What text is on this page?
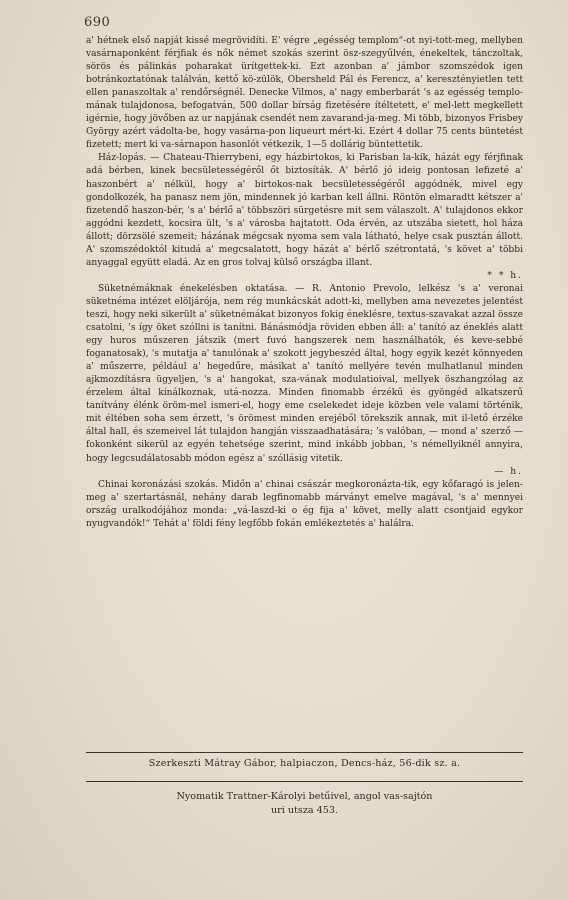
690

a' hétnek első napját kissé megrövidíti. E' végre „egésség templom“-ot nyi-tott-meg, mellyben vasárnaponként férjfiak és nők német szokás szerint ösz-szegyűlvén, énekeltek, tánczoltak, sörös és pálinkás poharakat ürítgettek-ki. Ezt azonban a' jámbor szomszédok igen botránkoztatónak találván, kettő kö-zülök, Obersheld Pál és Ferencz, a' keresztényietlen tett ellen panaszoltak a' rendőrségnél. Denecke Vilmos, a' nagy emberbarát 's az egésség templo-mának tulajdonosa, befogatván, 500 dollar bírság fizetésére ítéltetett, e' mel-lett megkellett igérnie, hogy jövőben az ur napjának csendét nem zavarand-ja-meg. Mi több, bizonyos Frisbey György azért vádolta-be, hogy vasárna-pon liqueurt mért-ki. Ezért 4 dollar 75 cents büntetést fizetett; mert ki va-sárnapon hasonlót vétkezik, 1—5 dollárig büntettetik.

Ház-lopás. — Chateau-Thierrybeni, egy házbirtokos, ki Parisban la-kik, házát egy férjfinak adá bérben, kinek becsületességéről őt biztosíták. A' bérlő jó ideig pontosan lefizeté a' haszonbért a' nélkül, hogy a' birtokos-nak becsületességéről aggódnék, mivel egy gondolkozék, ha panasz nem jön, mindennek jó karban kell állni. Röntön elmaradtt kétszer a' fizetendő haszon-bér, 's a' bérlő a' többszöri sürgetésre mit sem válaszolt. A' tulajdonos ekkor aggódni kezdett, kocsira ült, 's a' városba hajtatott. Oda érvén, az utszába sietett, hol háza állott; dörzsölé szemeit; házának mégcsak nyoma sem vala látható, helye csak pusztán állott. A' szomszédoktól kitudá a' megcsalatott, hogy házát a' bérlő szétrontatá, 's követ a' többi anyaggal együtt eladá. Az en gros tolvaj külső országba illant.

* * h.

Süketnémáknak énekelésben oktatása. — R. Antonio Prevolo, lelkész 's a' veronai süketnéma intézet elöljárója, nem rég munkácskát adott-ki, mellyben ama nevezetes jelentést teszi, hogy neki sikerült a' süketnémákat bizonyos fokig éneklésre, textus-szavakat azzal össze csatolni, 's így öket szóllni is tanítni. Bánásmódja röviden ebben áll: a' tanító az éneklés alatt egy huros műszeren játszik (mert fuvó hangszerek nem használhatók, és keve-sebbé foganatosak), 's mutatja a' tanulónak a' szokott jegybeszéd által, hogy egyik kezét könnyeden a' műszerre, például a' hegedűre, másikat a' tanító mellyére tevén mulhatlanul minden ajkmozdításra ügyeljen, 's a' hangokat, sza-vának modulatioival, mellyek öszhangzólag az érzelem által kínálkoznak, utá-nozza. Minden finomabb érzékű és gyöngéd alkatszerű tanítvány élénk öröm-mel ismeri-el, hogy eme cselekedet ideje közben vele valami történik, mit éltében soha sem érzett, 's örömest minden erejéből törekszik annak, mit il-lető érzéke által hall, és szemeivel lát tulajdon hangján visszaadhatására; 's valóban, — mond a' szerző — fokonként sikerül az egyén tehetsége szerint, mind inkább jobban, 's némellyiknél annyira, hogy legcsudálatosabb módon egész a' szóllásig vitetik.

— h.

Chinai koronázási szokás. Midőn a' chinai császár megkoronázta-tik, egy kőfaragó is jelen-meg a' szertartásnál, nehány darab legfinomabb márványt emelve magával, 's a' mennyei ország uralkodójához monda: „vá-laszd-ki o ég fija a' követ, melly alatt csontjaid egykor nyugvandók!“ Tehát a' földi fény legfőbb fokán emlékeztetés a' halálra.

Szerkeszti Mátray Gábor, halpiaczon, Dencs-ház, 56-dik sz. a.
Nyomatik Trattner-Károlyi betűivel, angol vas-sajtón
uri utsza 453.
